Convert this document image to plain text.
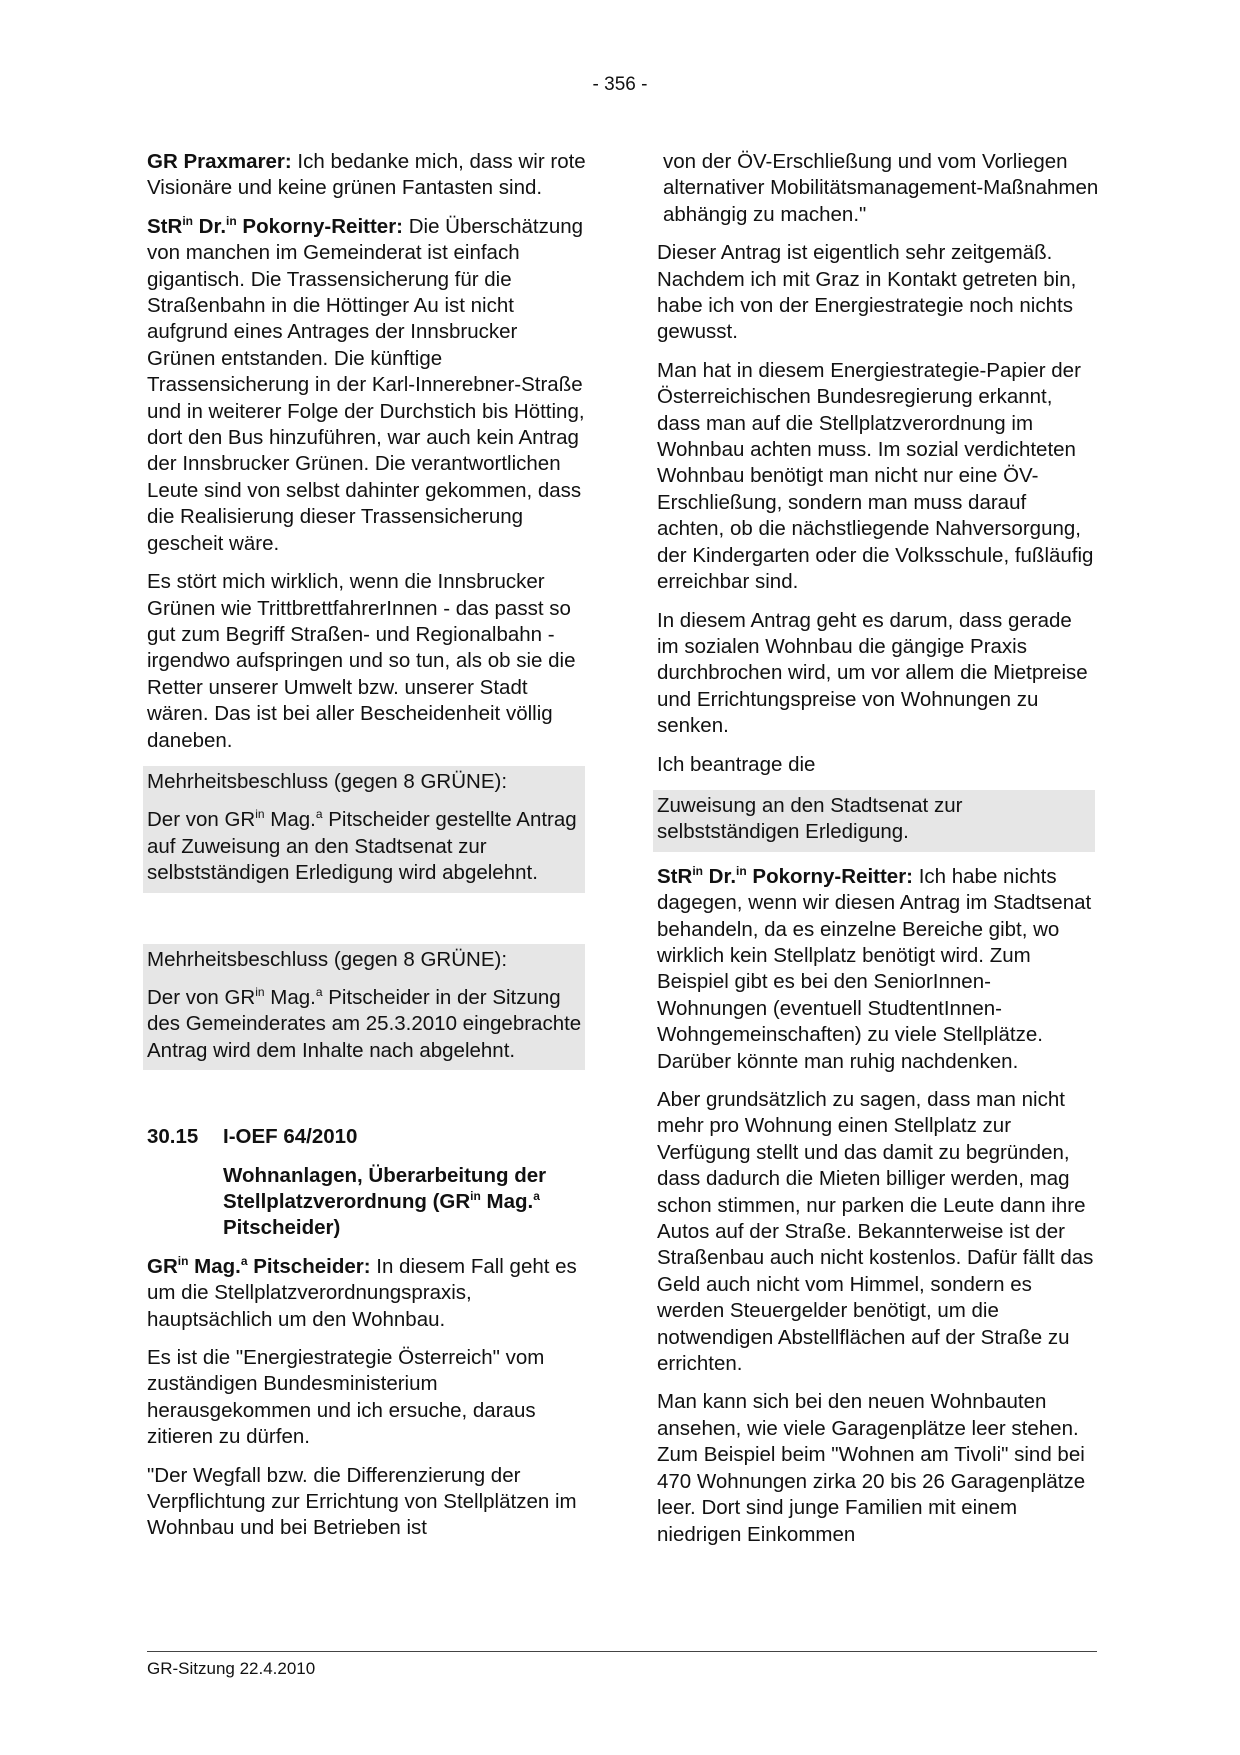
- 356 -

GR Praxmarer: Ich bedanke mich, dass wir rote Visionäre und keine grünen Fantasten sind.

StR$^{in}$ Dr.$^{in}$ Pokorny-Reitter: Die Überschätzung von manchen im Gemeinderat ist einfach gigantisch. Die Trassensicherung für die Straßenbahn in die Höttinger Au ist nicht aufgrund eines Antrages der Innsbrucker Grünen entstanden. Die künftige Trassensicherung in der Karl-Innerebner-Straße und in weiterer Folge der Durchstich bis Hötting, dort den Bus hinzuführen, war auch kein Antrag der Innsbrucker Grünen. Die verantwortlichen Leute sind von selbst dahinter gekommen, dass die Realisierung dieser Trassensicherung gescheit wäre.

Es stört mich wirklich, wenn die Innsbrucker Grünen wie TrittbrettfahrerInnen - das passt so gut zum Begriff Straßen- und Regionalbahn - irgendwo aufspringen und so tun, als ob sie die Retter unserer Umwelt bzw. unserer Stadt wären. Das ist bei aller Bescheidenheit völlig daneben.

Mehrheitsbeschluss (gegen 8 GRÜNE):

Der von $GR^{in}$ Mag.$^a$ Pitscheider gestellte Antrag auf Zuweisung an den Stadtsenat zur selbstständigen Erledigung wird abgelehnt.

Mehrheitsbeschluss (gegen 8 GRÜNE):

Der von $GR^{in}$ Mag.$^a$ Pitscheider in der Sitzung des Gemeinderates am 25.3.2010 eingebrachte Antrag wird dem Inhalte nach abgelehnt.

30.15	I-OEF 64/2010
Wohnanlagen, Überarbeitung der Stellplatzverordnung ($GR^{in}$ Mag.$^a$ Pitscheider)

$GR^{in}$ Mag.$^a$ Pitscheider: In diesem Fall geht es um die Stellplatzverordnungspraxis, hauptsächlich um den Wohnbau.

Es ist die "Energiestrategie Österreich" vom zuständigen Bundesministerium herausgekommen und ich ersuche, daraus zitieren zu dürfen.

"Der Wegfall bzw. die Differenzierung der Verpflichtung zur Errichtung von Stellplätzen im Wohnbau und bei Betrieben ist

von der ÖV-Erschließung und vom Vorliegen alternativer Mobilitätsmanagement-Maßnahmen abhängig zu machen."

Dieser Antrag ist eigentlich sehr zeitgemäß. Nachdem ich mit Graz in Kontakt getreten bin, habe ich von der Energiestrategie noch nichts gewusst.

Man hat in diesem Energiestrategie-Papier der Österreichischen Bundesregierung erkannt, dass man auf die Stellplatzverordnung im Wohnbau achten muss. Im sozial verdichteten Wohnbau benötigt man nicht nur eine ÖV-Erschließung, sondern man muss darauf achten, ob die nächstliegende Nahversorgung, der Kindergarten oder die Volksschule, fußläufig erreichbar sind.

In diesem Antrag geht es darum, dass gerade im sozialen Wohnbau die gängige Praxis durchbrochen wird, um vor allem die Mietpreise und Errichtungspreise von Wohnungen zu senken.

Ich beantrage die

Zuweisung an den Stadtsenat zur selbstständigen Erledigung.

StR$^{in}$ Dr.$^{in}$ Pokorny-Reitter: Ich habe nichts dagegen, wenn wir diesen Antrag im Stadtsenat behandeln, da es einzelne Bereiche gibt, wo wirklich kein Stellplatz benötigt wird. Zum Beispiel gibt es bei den SeniorInnen-Wohnungen (eventuell StudtentInnen-Wohngemeinschaften) zu viele Stellplätze. Darüber könnte man ruhig nachdenken.

Aber grundsätzlich zu sagen, dass man nicht mehr pro Wohnung einen Stellplatz zur Verfügung stellt und das damit zu begründen, dass dadurch die Mieten billiger werden, mag schon stimmen, nur parken die Leute dann ihre Autos auf der Straße. Bekannterweise ist der Straßenbau auch nicht kostenlos. Dafür fällt das Geld auch nicht vom Himmel, sondern es werden Steuergelder benötigt, um die notwendigen Abstellflächen auf der Straße zu errichten.

Man kann sich bei den neuen Wohnbauten ansehen, wie viele Garagenplätze leer stehen. Zum Beispiel beim "Wohnen am Tivoli" sind bei 470 Wohnungen zirka 20 bis 26 Garagenplätze leer. Dort sind junge Familien mit einem niedrigen Einkommen

GR-Sitzung 22.4.2010
